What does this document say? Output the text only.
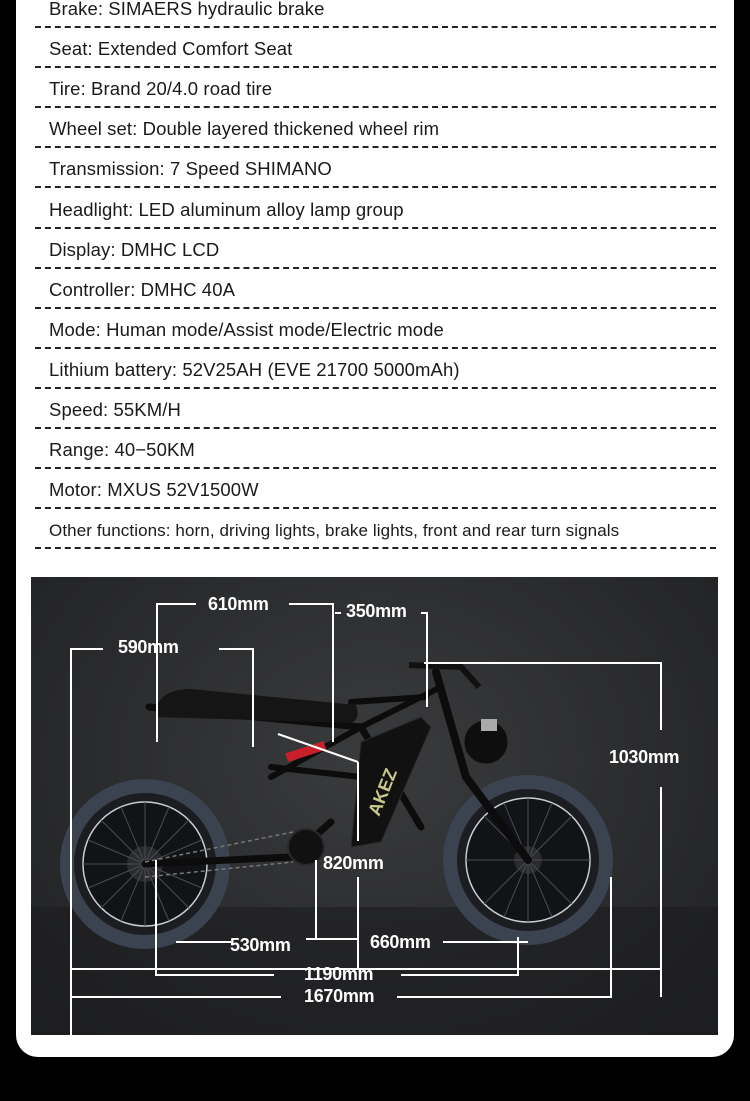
Brake: SIMAERS hydraulic brake
Seat: Extended Comfort Seat
Tire: Brand 20/4.0 road tire
Wheel set: Double layered thickened wheel rim
Transmission: 7 Speed SHIMANO
Headlight: LED aluminum alloy lamp group
Display: DMHC LCD
Controller: DMHC 40A
Mode: Human mode/Assist mode/Electric mode
Lithium battery: 52V25AH (EVE 21700 5000mAh)
Speed: 55KM/H
Range: 40−50KM
Motor: MXUS 52V1500W
Other functions: horn, driving lights, brake lights, front and rear turn signals
AKEZ
610mm	350mm
590mm
1030mm
820mm
530mm	660mm
1190mm
1670mm
